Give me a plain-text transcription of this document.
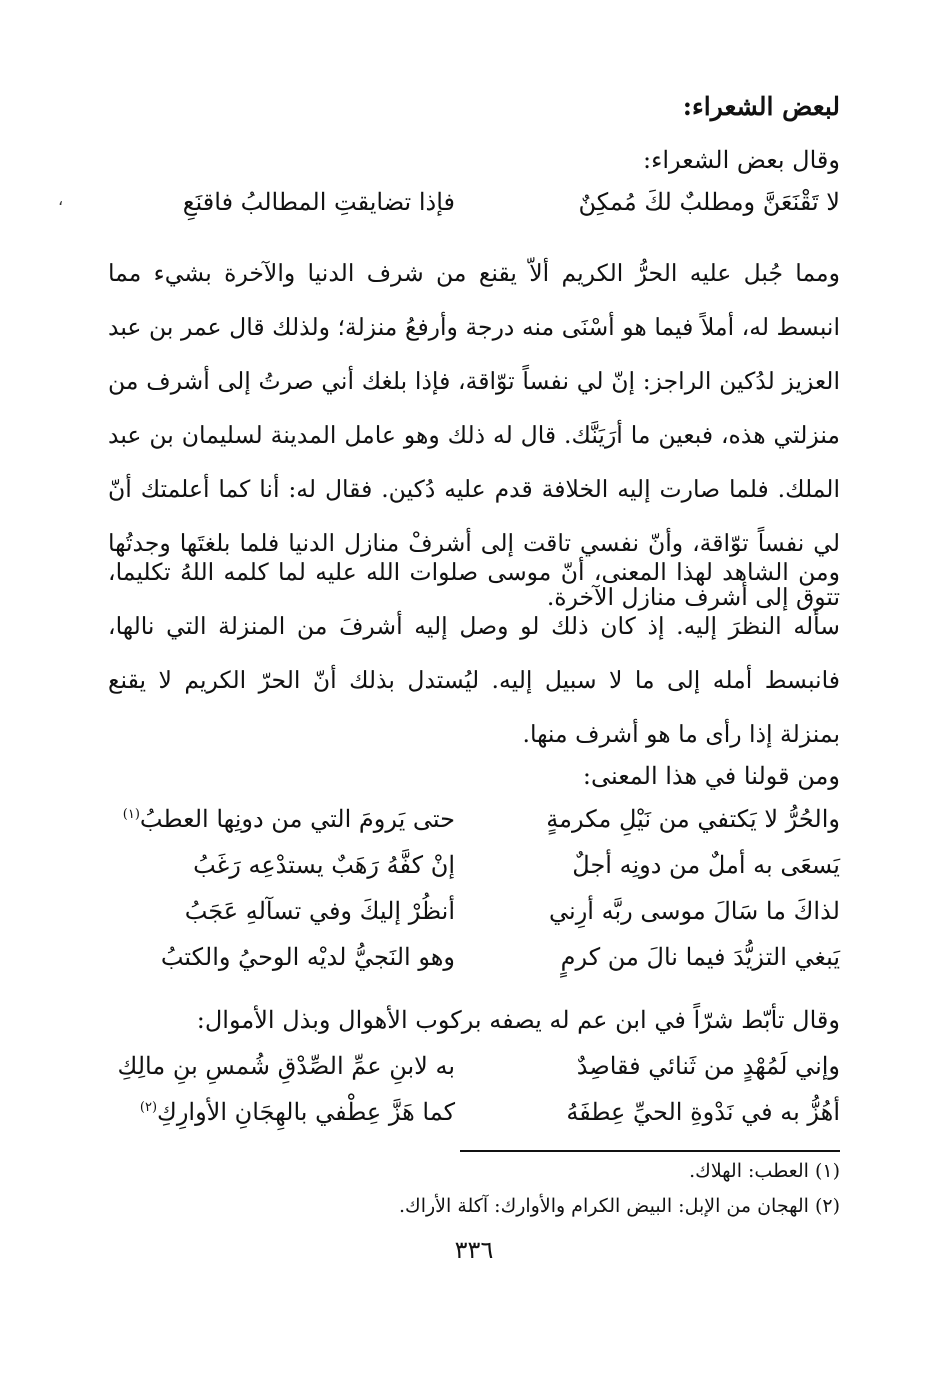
لبعض الشعراء:
وقال بعض الشعراء:
لا تَقْنَعَنَّ ومطلبٌ لكَ مُمكِنٌ
فإذا تضايقتِ المطالبُ فاقنَعِ
،
ومما جُبل عليه الحرُّ الكريم ألاّ يقنع من شرف الدنيا والآخرة بشيء مما انبسط له، أملاً فيما هو أسْنَى منه درجة وأرفعُ منزلة؛ ولذلك قال عمر بن عبد العزيز لدُكين الراجز: إنّ لي نفساً توّاقة، فإذا بلغك أني صرتُ إلى أشرف من منزلتي هذه، فبعين ما أرَيَنَّك. قال له ذلك وهو عامل المدينة لسليمان بن عبد الملك. فلما صارت إليه الخلافة قدم عليه دُكين. فقال له: أنا كما أعلمتك أنّ لي نفساً توّاقة، وأنّ نفسي تاقت إلى أشرفْ منازل الدنيا فلما بلغتَها وجدتُها تتوق إلى أشرف منازل الآخرة.
ومن الشاهد لهذا المعنى، أنّ موسى صلوات الله عليه لما كلمه اللهُ تكليما، سأله النظرَ إليه. إذ كان ذلك لو وصل إليه أشرفَ من المنزلة التي نالها، فانبسط أمله إلى ما لا سبيل إليه. ليُستدل بذلك أنّ الحرّ الكريم لا يقنع بمنزلة إذا رأى ما هو أشرف منها.
ومن قولنا في هذا المعنى:
والحُرُّ لا يَكتفي من نَيْلِ مكرمةٍ
حتى يَرومَ التي من دونِها العطبُ$^{(١)}$
يَسعَى به أملٌ من دونِه أجلٌ
إنْ كفَّهُ رَهَبٌ يستدْعِه رَغَبُ
لذاكَ ما سَالَ موسى ربَّه أرِني
أنظُرْ إليكَ وفي تسآلهِ عَجَبُ
يَبغي التزيُّدَ فيما نالَ من كرمٍ
وهو النَجيُّ لديْه الوحيُ والكتبُ
وقال تأبّط شرّاً في ابن عم له يصفه بركوب الأهوال وبذل الأموال:
وإني لَمُهْدٍ من ثَنائي فقاصِدٌ
به لابنِ عمِّ الصِّدْقِ شُمسِ بنِ مالِكِ
أهُزُّ به في نَدْوةِ الحيِّ عِطفَهُ
كما هَزَّ عِطْفي بالهِجَانِ الأوارِكِ$^{(٢)}$
(١) العطب: الهلاك.
(٢) الهجان من الإبل: البيض الكرام والأوارك: آكلة الأراك.
٣٣٦
